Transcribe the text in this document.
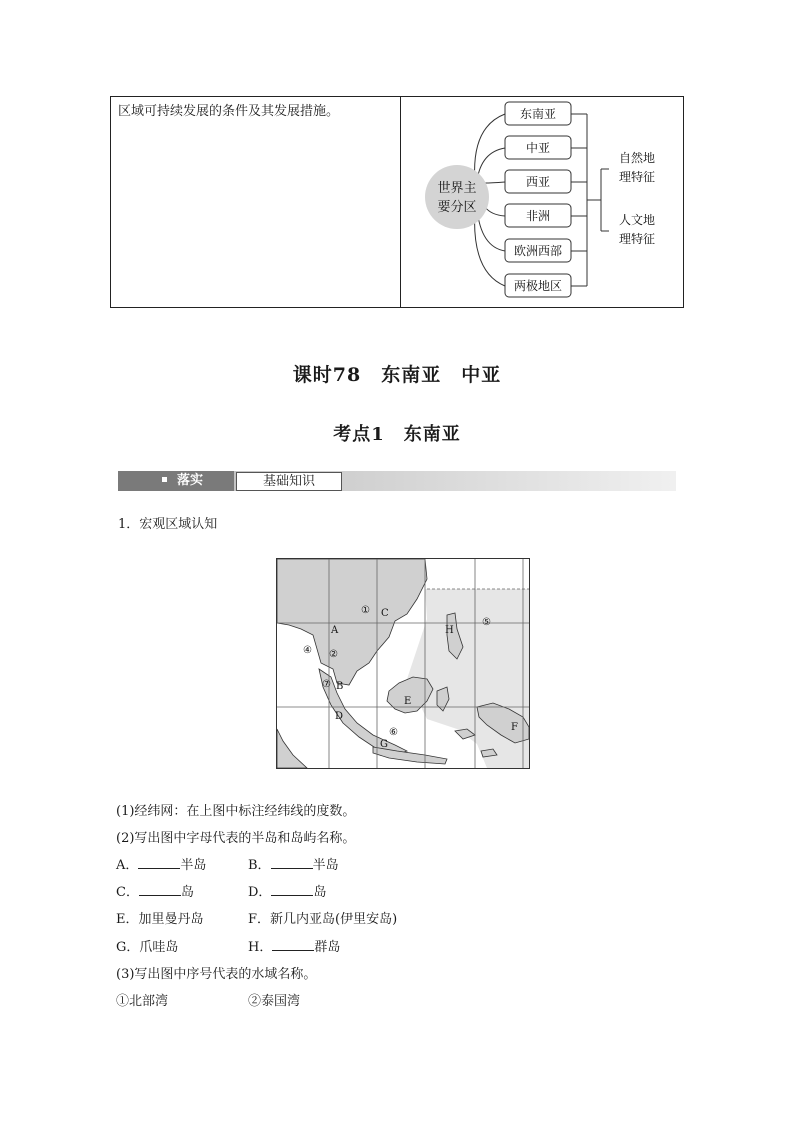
区域可持续发展的条件及其发展措施。
世界主
要分区
东南亚
中亚
西亚
非洲
欧洲西部
两极地区
自然地
理特征
人文地
理特征
课时78　东南亚　中亚
考点1　东南亚
落实	基础知识
1．宏观区域认知
① C
H
⑤
A
④ ②
⑦ B
E
D
⑥
G
F
(1)经纬网：在上图中标注经纬线的度数。
(2)写出图中字母代表的半岛和岛屿名称。
A．	半岛	B．	半岛
C．	岛	D．	岛
E．加里曼丹岛	F．新几内亚岛(伊里安岛)
G．爪哇岛	H．	群岛
(3)写出图中序号代表的水域名称。
①北部湾	②泰国湾
